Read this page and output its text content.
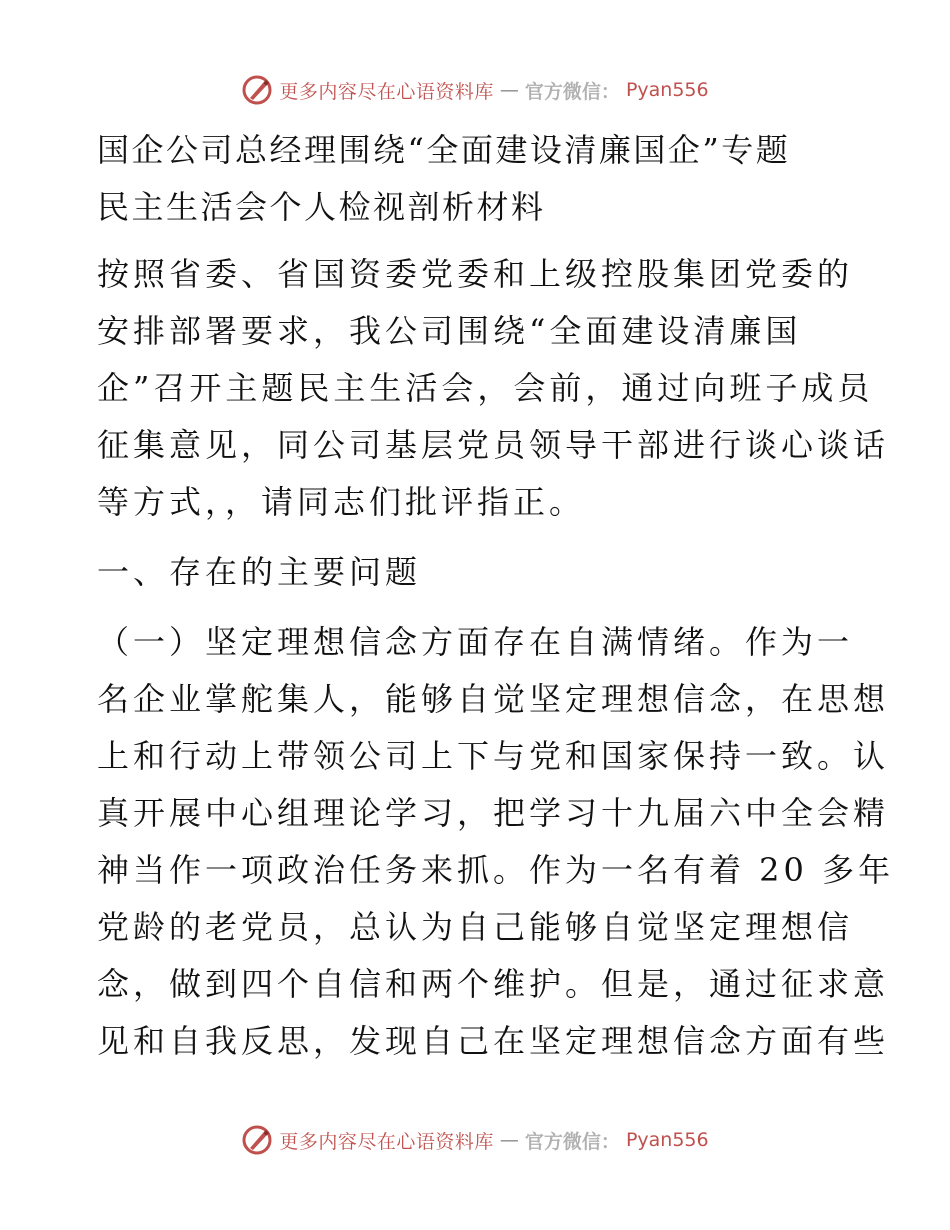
更多内容尽在心语资料库 — 官方微信： Pyan556
国企公司总经理围绕“全面建设清廉国企”专题
民主生活会个人检视剖析材料
按照省委、省国资委党委和上级控股集团党委的
安排部署要求，我公司围绕“全面建设清廉国
企”召开主题民主生活会，会前，通过向班子成员
征集意见，同公司基层党员领导干部进行谈心谈话
等方式，，请同志们批评指正。
一、存在的主要问题
（一）坚定理想信念方面存在自满情绪。作为一
名企业掌舵集人，能够自觉坚定理想信念，在思想
上和行动上带领公司上下与党和国家保持一致。认
真开展中心组理论学习，把学习十九届六中全会精
神当作一项政治任务来抓。作为一名有着 20 多年
党龄的老党员，总认为自己能够自觉坚定理想信
念，做到四个自信和两个维护。但是，通过征求意
见和自我反思，发现自己在坚定理想信念方面有些
更多内容尽在心语资料库 — 官方微信： Pyan556
